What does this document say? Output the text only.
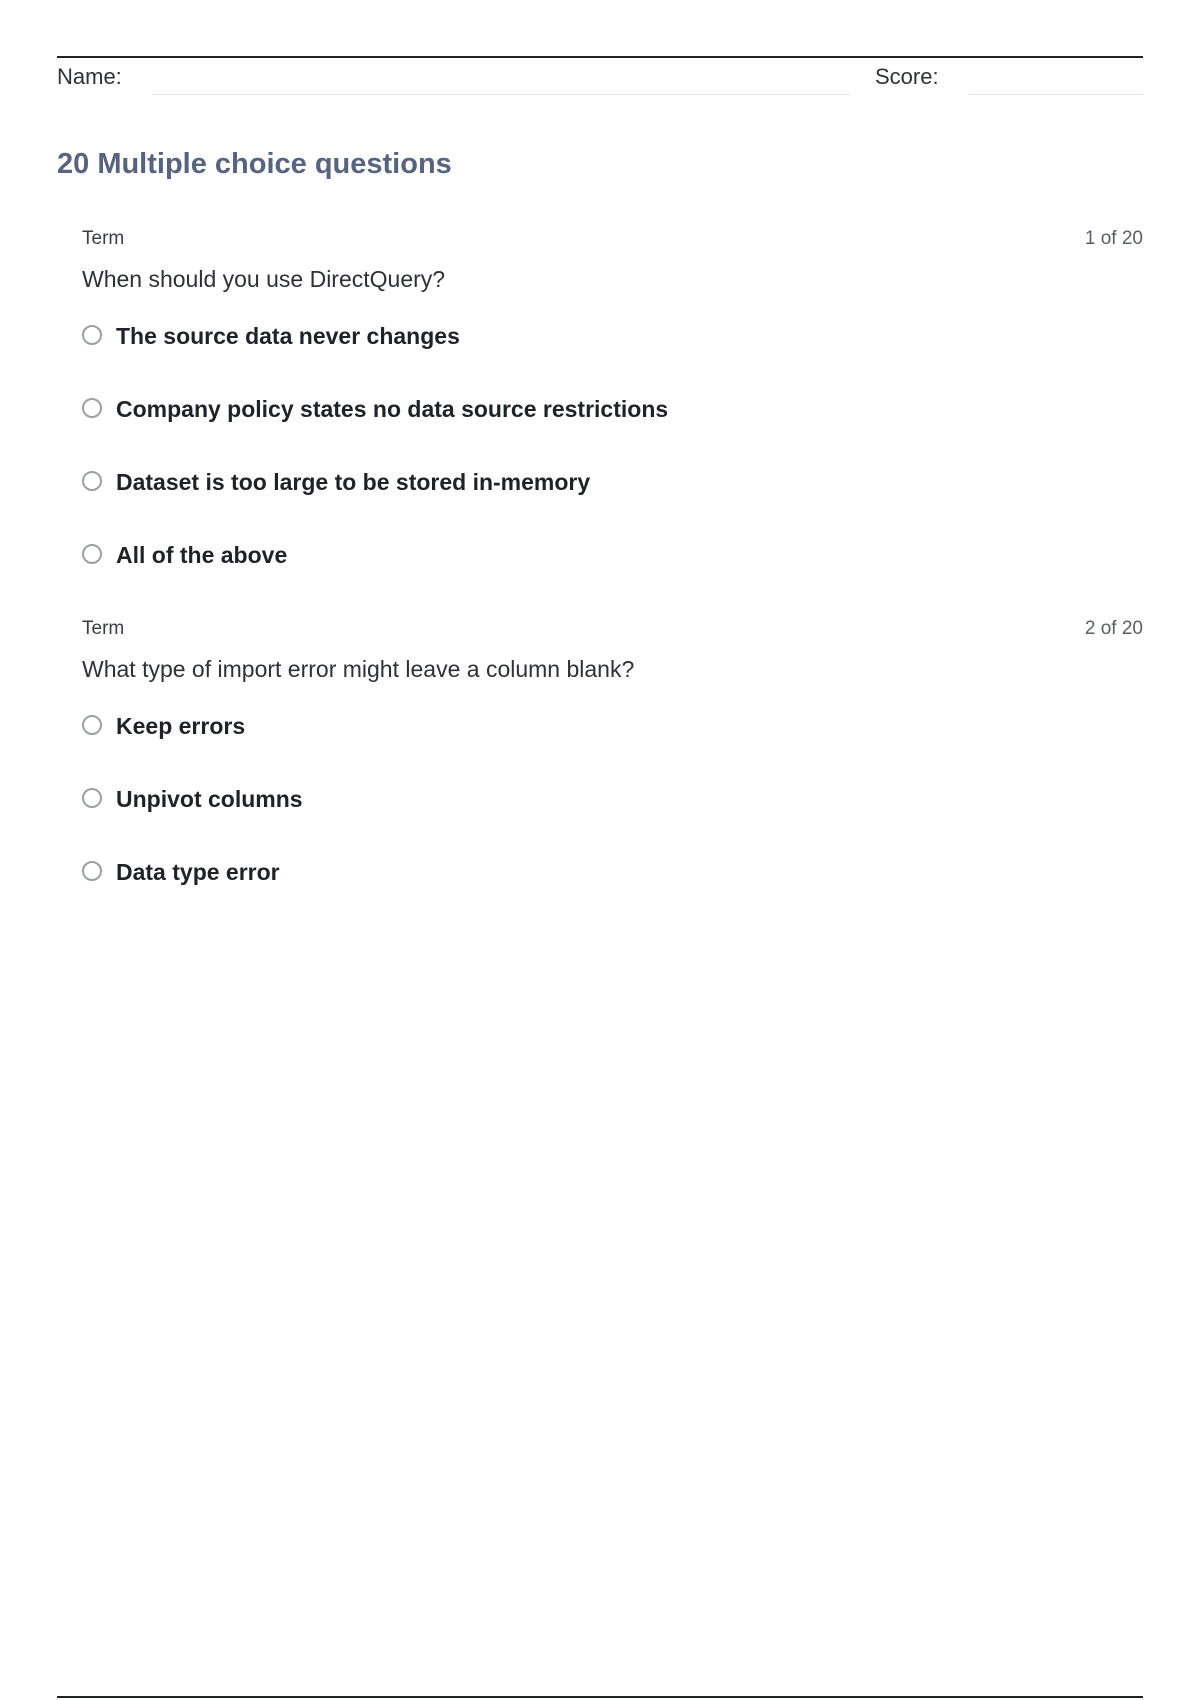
Name:	Score:
20 Multiple choice questions
Term	1 of 20
When should you use DirectQuery?
The source data never changes
Company policy states no data source restrictions
Dataset is too large to be stored in-memory
All of the above
Term	2 of 20
What type of import error might leave a column blank?
Keep errors
Unpivot columns
Data type error
